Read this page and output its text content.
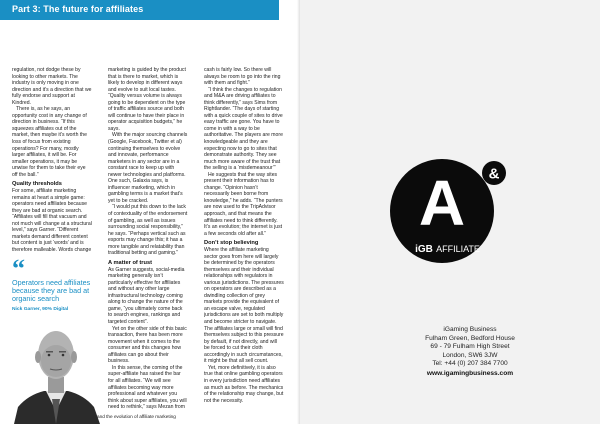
Part 3: The future for affiliates

regulation, not dodge these by looking to other markets. The industry is only moving in one direction and it’s a direction that we fully endorse and support at Kindred.

There is, as he says, an opportunity cost in any change of direction in business. “If this squeezes affiliates out of the market, then maybe it’s worth the loss of focus from existing operations? For many, mostly larger affiliates, it will be. For smaller operations, it may be unwise for them to take their eye off the ball.”

Quality thresholds

For some, affiliate marketing remains at heart a simple game: operators need affiliates because they are bad at organic search. “Affiliates will fill that vacuum and not much will change at a structural level,” says Garner. “Different markets demand different content but content is just ‘words’ and is therefore malleable. Words change

marketing is guided by the product that is there to market, which is likely to develop in different ways and evolve to suit local tastes. “Quality versus volume is always going to be dependent on the type of traffic affiliates source and both will continue to have their place in operator acquisition budgets,” he says.

With the major sourcing channels (Google, Facebook, Twitter et al) continuing themselves to evolve and innovate, performance marketers in any sector are in a constant race to keep up with newer technologies and platforms. One such, Galaxia says, is influencer marketing, which in gambling terms is a market that’s yet to be cracked.

“I would put this down to the lack of contextuality of the endorsement of gambling, as well as issues surrounding social responsibility,” he says. “Perhaps vertical such as esports may change this; it has a more tangible and relatability than traditional betting and gaming.”

A matter of trust

As Garner suggests, social-media marketing generally isn’t particularly effective for affiliates and without any other large infrastructural technology coming along to change the nature of the game, “you ultimately come back to search engines, rankings and targeted content”.

Yet on the other side of this basic transaction, there has been more movement when it comes to the consumer and this changes how affiliates can go about their business.

In this sense, the coming of the super-affiliate has raised the bar for all affiliates. “We will see affiliates becoming way more professional and whatever you think about super affiliates, you will need to rethink,” says Mezan from

cash is fairly low. So there will always be room to go into the ring with them and fight.”

“I think the changes to regulation and M&A are driving affiliates to think differently,” says Sims from Rightlander. “The days of starting with a quick couple of sites to drive easy traffic are gone. You have to come in with a way to be authoritative. The players are more knowledgeable and they are expecting now to go to sites that demonstrate authority. They see much more aware of the trust that the selling is a ‘misdemeanour’”

He suggests that the way sites present their information has to change. “Opinion hasn’t necessarily been borne from knowledge,” he adds. “The punters are now used to the TripAdvisor approach, and that means the affiliates need to think differently. It’s an evolution; the internet is just a few seconds old after all.”

Don’t stop believing

Where the affiliate marketing sector goes from here will largely be determined by the operators themselves and their individual relationships with regulators in various jurisdictions. The pressures on operators are described as a dwindling collection of grey markets provide the equivalent of an escape valve, regulated jurisdictions are set to both multiply and become stricter to navigate. The affiliates large or small will find themselves subject to this pressure by default, if not directly, and will be forced to cut their cloth accordingly in such circumstances, it might be that all sell count.

Yet, more definitively, it is also true that online gambling operators in every jurisdiction need affiliates as much as before. The mechanics of the relationship may change, but not the necessity.

“

Operators need affiliates because they are bad at organic search

Nick Garner, 90% Digital

and the evolution of affiliate marketing
&
A
iGB AFFILIATE
iGaming Business
Fulham Green, Bedford House
69 - 79 Fulham High Street
London, SW6 3JW
Tel: +44 (0) 207 384 7700
www.igamingbusiness.com
